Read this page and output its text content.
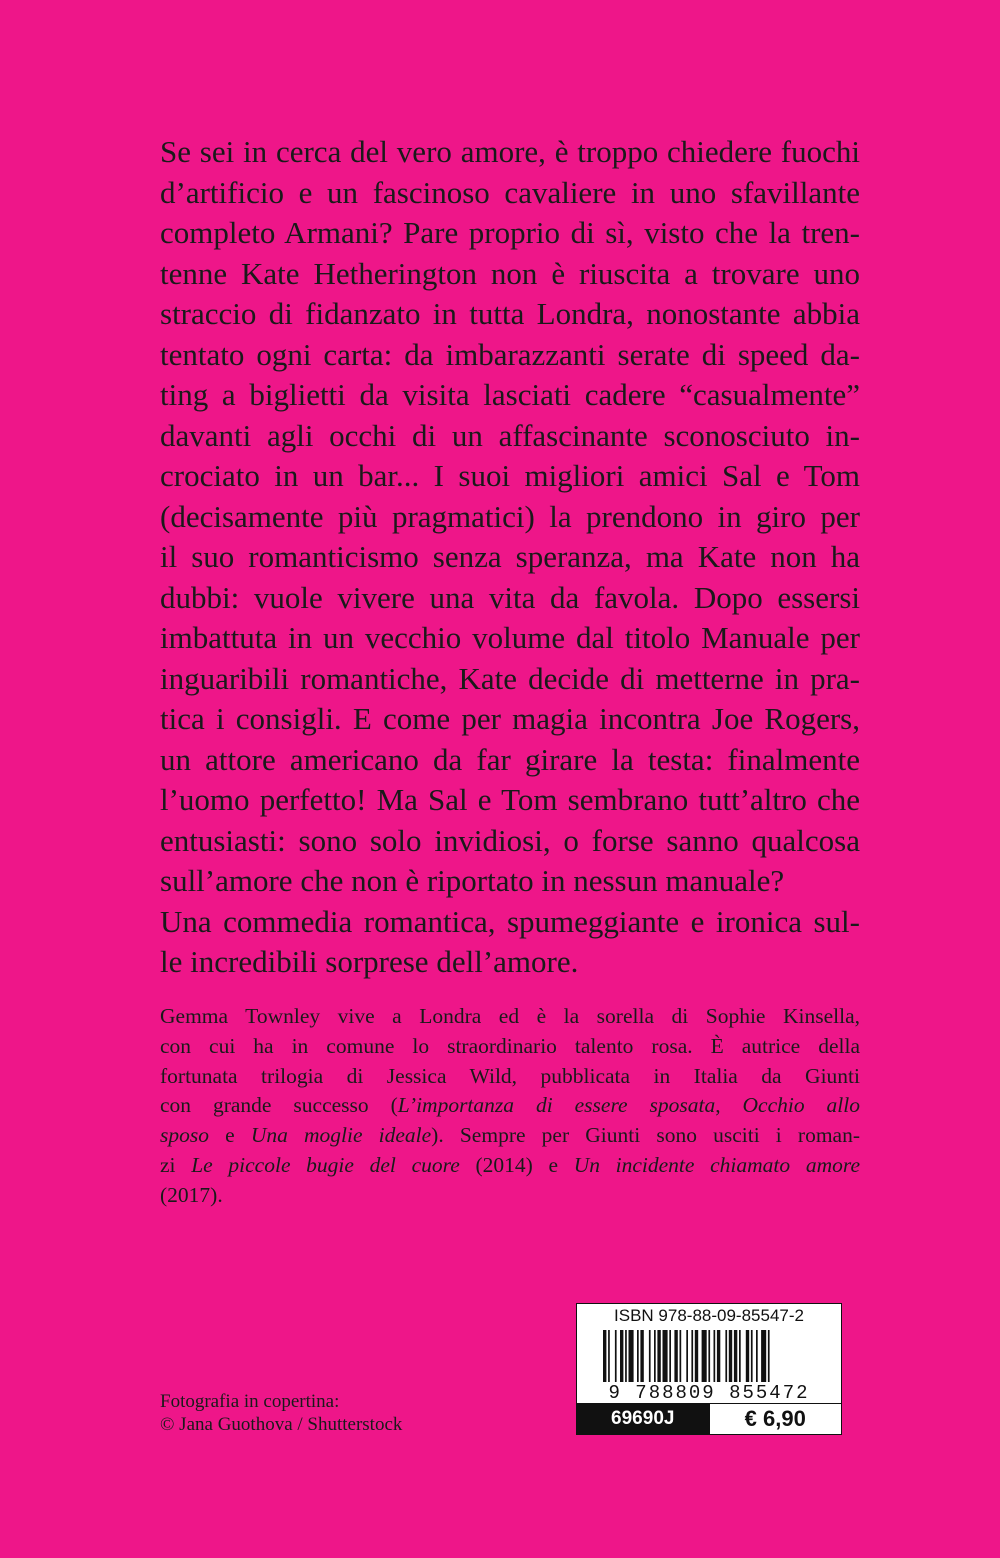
Se sei in cerca del vero amore, è troppo chiedere fuochi
d’artificio e un fascinoso cavaliere in uno sfavillante
completo Armani? Pare proprio di sì, visto che la tren-
tenne Kate Hetherington non è riuscita a trovare uno
straccio di fidanzato in tutta Londra, nonostante abbia
tentato ogni carta: da imbarazzanti serate di speed da-
ting a biglietti da visita lasciati cadere “casualmente”
davanti agli occhi di un affascinante sconosciuto in-
crociato in un bar... I suoi migliori amici Sal e Tom
(decisamente più pragmatici) la prendono in giro per
il suo romanticismo senza speranza, ma Kate non ha
dubbi: vuole vivere una vita da favola. Dopo essersi
imbattuta in un vecchio volume dal titolo Manuale per
inguaribili romantiche, Kate decide di metterne in pra-
tica i consigli. E come per magia incontra Joe Rogers,
un attore americano da far girare la testa: finalmente
l’uomo perfetto! Ma Sal e Tom sembrano tutt’altro che
entusiasti: sono solo invidiosi, o forse sanno qualcosa
sull’amore che non è riportato in nessun manuale?
Una commedia romantica, spumeggiante e ironica sul-
le incredibili sorprese dell’amore.
Gemma Townley vive a Londra ed è la sorella di Sophie Kinsella,
con cui ha in comune lo straordinario talento rosa. È autrice della
fortunata trilogia di Jessica Wild, pubblicata in Italia da Giunti
con grande successo (L’importanza di essere sposata, Occhio allo
sposo e Una moglie ideale). Sempre per Giunti sono usciti i roman-
zi Le piccole bugie del cuore (2014) e Un incidente chiamato amore
(2017).
Fotografia in copertina:
© Jana Guothova / Shutterstock
ISBN 978-88-09-85547-2
9 788809 855472
69690J	€ 6,90
